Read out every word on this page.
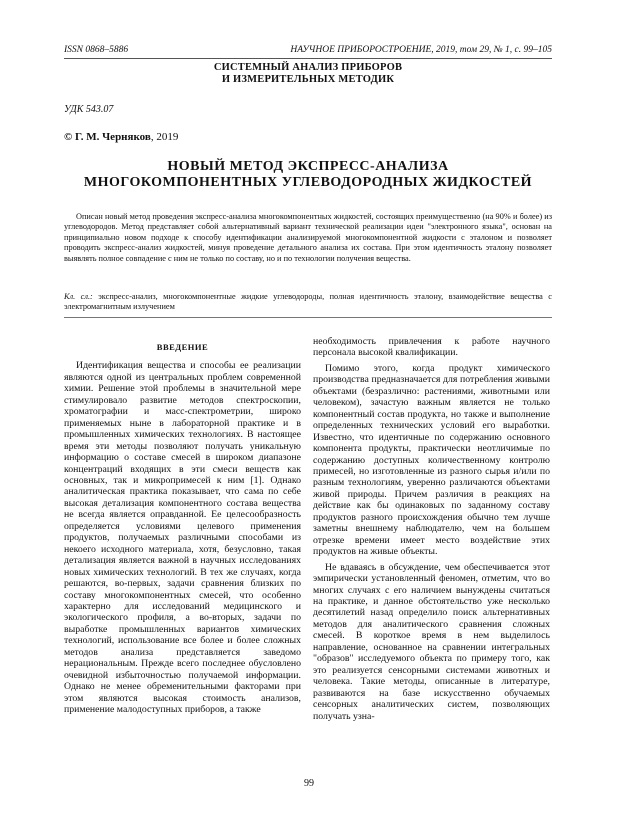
ISSN 0868–5886	НАУЧНОЕ ПРИБОРОСТРОЕНИЕ, 2019, том 29, № 1, с. 99–105
СИСТЕМНЫЙ АНАЛИЗ ПРИБОРОВ
И ИЗМЕРИТЕЛЬНЫХ МЕТОДИК
УДК 543.07
© Г. М. Черняков, 2019
НОВЫЙ МЕТОД ЭКСПРЕСС-АНАЛИЗА
МНОГОКОМПОНЕНТНЫХ УГЛЕВОДОРОДНЫХ ЖИДКОСТЕЙ
Описан новый метод проведения экспресс-анализа многокомпонентных жидкостей, состоящих преимущественно (на 90% и более) из углеводородов. Метод представляет собой альтернативный вариант технической реализации идеи "электронного языка", основан на принципиально новом подходе к способу идентификации анализируемой многокомпонентной жидкости с эталоном и позволяет проводить экспресс-анализ жидкостей, минуя проведение детального анализа их состава. При этом идентичность эталону позволяет выявлять полное совпадение с ним не только по составу, но и по технологии получения вещества.
Кл. сл.: экспресс-анализ, многокомпонентные жидкие углеводороды, полная идентичность эталону, взаимодействие вещества с электромагнитным излучением
ВВЕДЕНИЕ

Идентификация вещества и способы ее реализации являются одной из центральных проблем современной химии. Решение этой проблемы в значительной мере стимулировало развитие методов спектроскопии, хроматографии и масс-спектрометрии, широко применяемых ныне в лабораторной практике и в промышленных химических технологиях. В настоящее время эти методы позволяют получать уникальную информацию о составе смесей в широком диапазоне концентраций входящих в эти смеси веществ как основных, так и микропримесей к ним [1]. Однако аналитическая практика показывает, что сама по себе высокая детализация компонентного состава вещества не всегда является оправданной. Ее целесообразность определяется условиями целевого применения продуктов, получаемых различными способами из некоего исходного материала, хотя, безусловно, такая детализация является важной в научных исследованиях новых химических технологий. В тех же случаях, когда решаются, во-первых, задачи сравнения близких по составу многокомпонентных смесей, что особенно характерно для исследований медицинского и экологического профиля, а во-вторых, задачи по выработке промышленных вариантов химических технологий, использование все более и более сложных методов анализа представляется заведомо нерациональным. Прежде всего последнее обусловлено очевидной избыточностью получаемой информации. Однако не менее обременительными факторами при этом являются высокая стоимость анализов, применение малодоступных приборов, а также

необходимость привлечения к работе научного персонала высокой квалификации.

Помимо этого, когда продукт химического производства предназначается для потребления живыми объектами (безразлично: растениями, животными или человеком), зачастую важным является не только компонентный состав продукта, но также и выполнение определенных технических условий его выработки. Известно, что идентичные по содержанию основного компонента продукты, практически неотличимые по содержанию доступных количественному контролю примесей, но изготовленные из разного сырья и/или по разным технологиям, уверенно различаются объектами живой природы. Причем различия в реакциях на действие как бы одинаковых по заданному составу продуктов разного происхождения обычно тем лучше заметны внешнему наблюдателю, чем на большем отрезке времени имеет место воздействие этих продуктов на живые объекты.

Не вдаваясь в обсуждение, чем обеспечивается этот эмпирически установленный феномен, отметим, что во многих случаях с его наличием вынуждены считаться на практике, и данное обстоятельство уже несколько десятилетий назад определило поиск альтернативных методов для аналитического сравнения сложных смесей. В короткое время в нем выделилось направление, основанное на сравнении интегральных "образов" исследуемого объекта по примеру того, как это реализуется сенсорными системами животных и человека. Такие методы, описанные в литературе, развиваются на базе искусственно обучаемых сенсорных аналитических систем, позволяющих получать узна-

99
